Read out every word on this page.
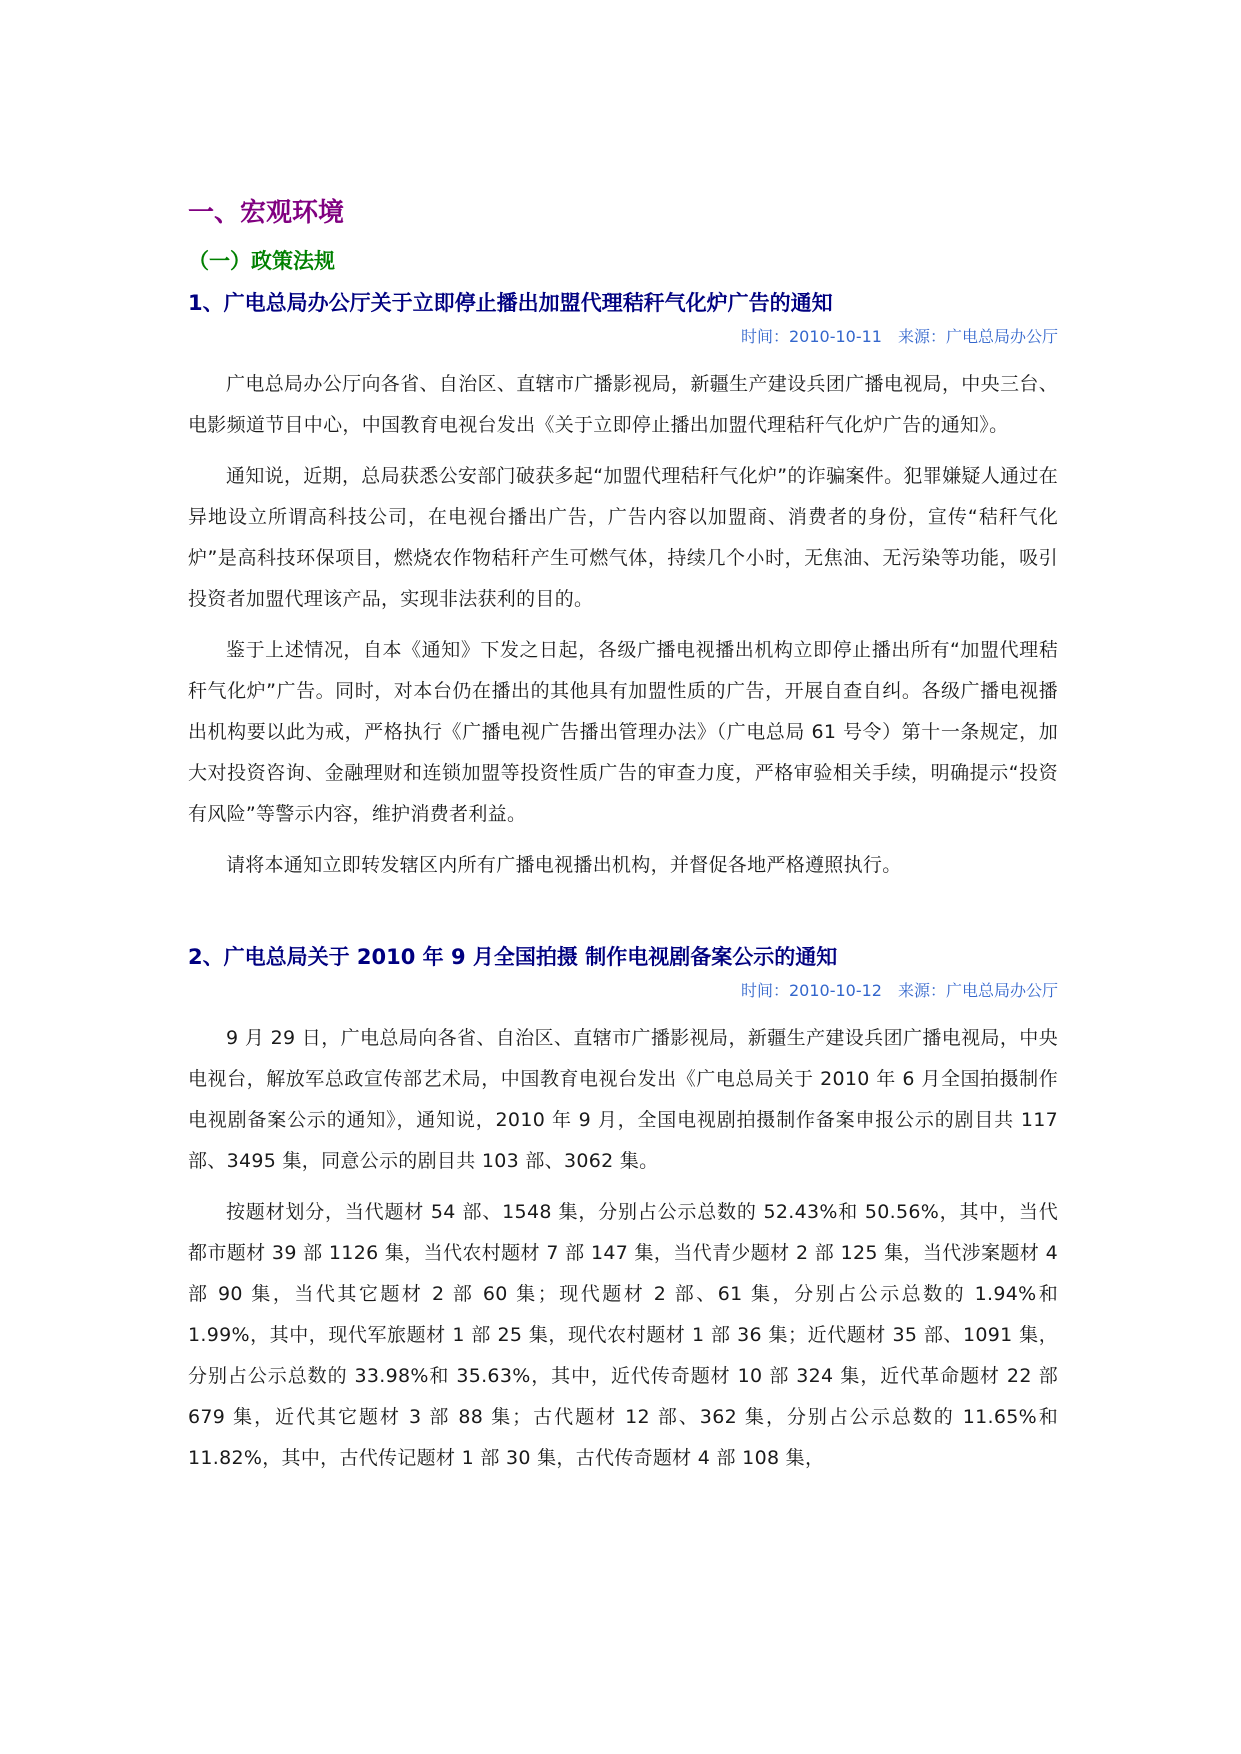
一、宏观环境
（一）政策法规
1、广电总局办公厅关于立即停止播出加盟代理秸秆气化炉广告的通知
时间：2010-10-11 来源：广电总局办公厅

广电总局办公厅向各省、自治区、直辖市广播影视局，新疆生产建设兵团广播电视局，中央三台、电影频道节目中心，中国教育电视台发出《关于立即停止播出加盟代理秸秆气化炉广告的通知》。

通知说，近期，总局获悉公安部门破获多起“加盟代理秸秆气化炉”的诈骗案件。犯罪嫌疑人通过在异地设立所谓高科技公司，在电视台播出广告，广告内容以加盟商、消费者的身份，宣传“秸秆气化炉”是高科技环保项目，燃烧农作物秸秆产生可燃气体，持续几个小时，无焦油、无污染等功能，吸引投资者加盟代理该产品，实现非法获利的目的。

鉴于上述情况，自本《通知》下发之日起，各级广播电视播出机构立即停止播出所有“加盟代理秸秆气化炉”广告。同时，对本台仍在播出的其他具有加盟性质的广告，开展自查自纠。各级广播电视播出机构要以此为戒，严格执行《广播电视广告播出管理办法》（广电总局 61 号令）第十一条规定，加大对投资咨询、金融理财和连锁加盟等投资性质广告的审查力度，严格审验相关手续，明确提示“投资有风险”等警示内容，维护消费者利益。

请将本通知立即转发辖区内所有广播电视播出机构，并督促各地严格遵照执行。

2、广电总局关于 2010 年 9 月全国拍摄 制作电视剧备案公示的通知
时间：2010-10-12 来源：广电总局办公厅

9 月 29 日，广电总局向各省、自治区、直辖市广播影视局，新疆生产建设兵团广播电视局，中央电视台，解放军总政宣传部艺术局，中国教育电视台发出《广电总局关于 2010 年 6 月全国拍摄制作电视剧备案公示的通知》，通知说，2010 年 9 月，全国电视剧拍摄制作备案申报公示的剧目共 117 部、3495 集，同意公示的剧目共 103 部、3062 集。

按题材划分，当代题材 54 部、1548 集，分别占公示总数的 52.43%和 50.56%，其中，当代都市题材 39 部 1126 集，当代农村题材 7 部 147 集，当代青少题材 2 部 125 集，当代涉案题材 4 部 90 集，当代其它题材 2 部 60 集；现代题材 2 部、61 集，分别占公示总数的 1.94%和 1.99%，其中，现代军旅题材 1 部 25 集，现代农村题材 1 部 36 集；近代题材 35 部、1091 集，分别占公示总数的 33.98%和 35.63%，其中，近代传奇题材 10 部 324 集，近代革命题材 22 部 679 集，近代其它题材 3 部 88 集；古代题材 12 部、362 集，分别占公示总数的 11.65%和 11.82%，其中，古代传记题材 1 部 30 集，古代传奇题材 4 部 108 集，
